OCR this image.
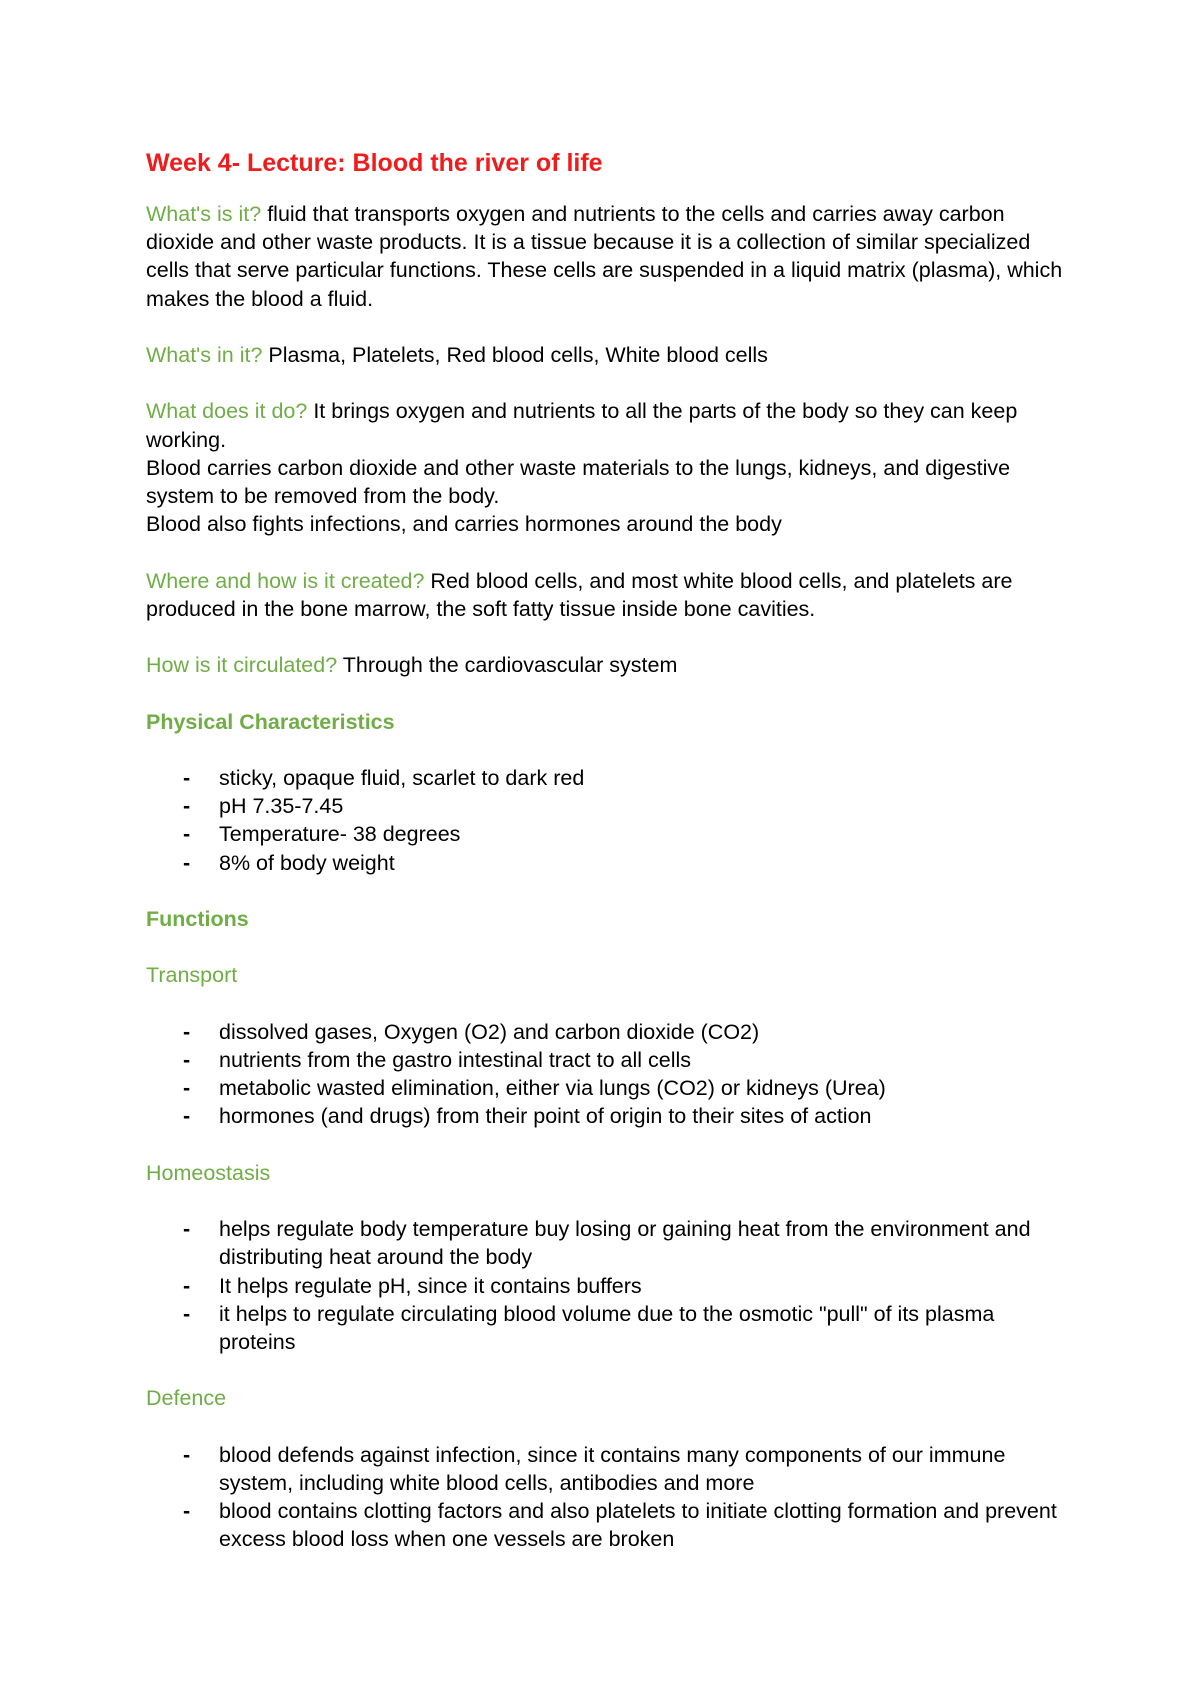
Week 4- Lecture: Blood the river of life

What's is it? fluid that transports oxygen and nutrients to the cells and carries away carbon dioxide and other waste products. It is a tissue because it is a collection of similar specialized cells that serve particular functions. These cells are suspended in a liquid matrix (plasma), which makes the blood a fluid.

What's in it? Plasma, Platelets, Red blood cells, White blood cells

What does it do? It brings oxygen and nutrients to all the parts of the body so they can keep working.
Blood carries carbon dioxide and other waste materials to the lungs, kidneys, and digestive system to be removed from the body.
Blood also fights infections, and carries hormones around the body

Where and how is it created? Red blood cells, and most white blood cells, and platelets are produced in the bone marrow, the soft fatty tissue inside bone cavities.

How is it circulated? Through the cardiovascular system

Physical Characteristics
- sticky, opaque fluid, scarlet to dark red
- pH 7.35-7.45
- Temperature- 38 degrees
- 8% of body weight
Functions
Transport
- dissolved gases, Oxygen (O2) and carbon dioxide (CO2)
- nutrients from the gastro intestinal tract to all cells
- metabolic wasted elimination, either via lungs (CO2) or kidneys (Urea)
- hormones (and drugs) from their point of origin to their sites of action
Homeostasis
- helps regulate body temperature buy losing or gaining heat from the environment and distributing heat around the body
- It helps regulate pH, since it contains buffers
- it helps to regulate circulating blood volume due to the osmotic "pull" of its plasma proteins
Defence
- blood defends against infection, since it contains many components of our immune system, including white blood cells, antibodies and more
- blood contains clotting factors and also platelets to initiate clotting formation and prevent excess blood loss when one vessels are broken
